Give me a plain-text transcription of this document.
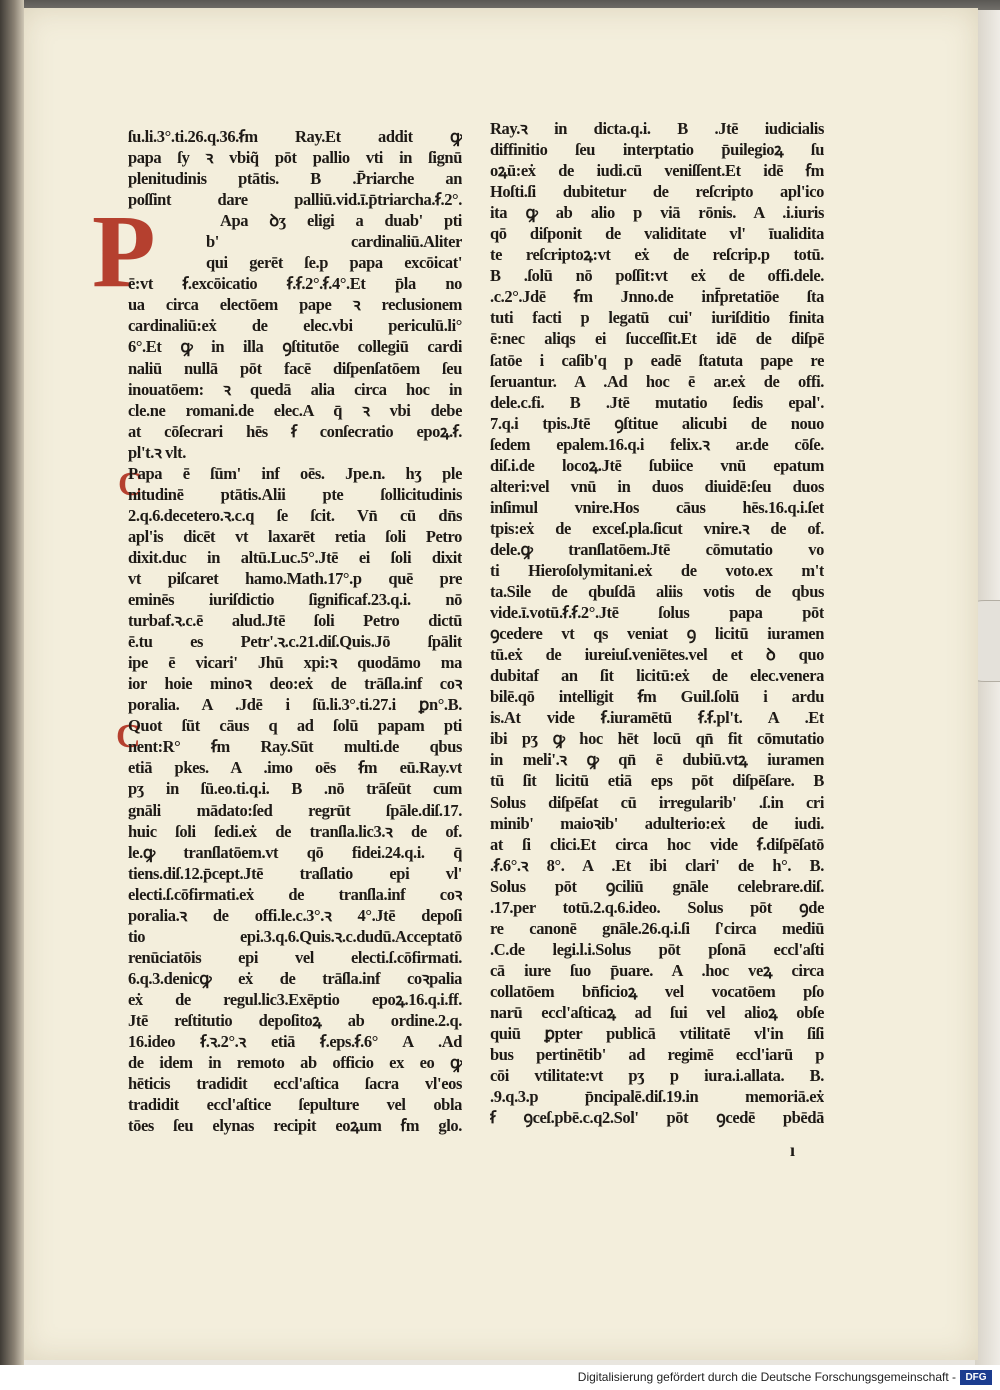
P
C
C
ſu.li.3°.ti.26.q.36.ẜm Ray.Et addit ꝙ
papa ſy ꝛ vbiq̃ pōt pallio vti in ſignū
plenitudinis ptātis. B .P̄riarche an
poſſint dare palliū.vid.ī.p̄triarcha.ẜ.2°.
Apa ꝺʒ eligi a duab' pti
b' cardinaliū.Aliter
qui gerēt ſe.p papa excōicat'
ē:vt ẜ.excōicatio ẜ.ẜ.2°.ẜ.4°.Et p̄la no
ua circa electōem pape ꝛ reclusionem
cardinaliū:eẋ de elec.vbi periculū.li°
6°.Et ꝙ in illa ꝯſtitutōe collegiū cardi
naliū nullā pōt facē diſpenſatōem ſeu
inouatōem: ꝛ quedā alia circa hoc in
cle.ne romani.de elec.A q̄ ꝛ vbi debe
at cōſecrari hēs ẜ conſecratio epoꝝ.ẜ.
pl't.ꝛ vlt.
Papa ē ſūm' inf oēs. Jpe.n. hʒ ple
nitudinē ptātis.Alii pte ſollicitudinis
2.q.6.decetero.ꝛ.c.q ſe ſcit. Vn̄ cū dn̄s
apl'is dicēt vt laxarēt retia ſoli Petro
dixit.duc in altū.Luc.5°.Jtē ei ſoli dixit
vt piſcaret hamo.Math.17°.p quē pre
eminēs iuriſdictio ſignificaf.23.q.i. nō
turbaf.ꝛ.c.ē alud.Jtē ſoli Petro dictū
ē.tu es Petr'.ꝛ.c.21.diſ.Quis.Jō ſpālit
ipe ē vicari' Jhū xpi:ꝛ quodāmo ma
ior hoie minoꝛ deo:eẋ de trāſla.inf coꝛ
poralia. A .Jdē i ſū.li.3°.ti.27.i ꝑn°.B.
Quot ſūt cāus q ad ſolū papam pti
nent:R° ẜm Ray.Sūt multi.de qbus
etiā pkes. A .imo oēs ẜm eū.Ray.vt
pʒ in ſū.eo.ti.q.i. B .nō trāſeūt cum
gnāli mādato:ſed regrūt ſpāle.diſ.17.
huic ſoli ſedi.eẋ de tranſla.lic3.ꝛ de of.
le.ꝙ tranſlatōem.vt qō fidei.24.q.i. q̄
tiens.diſ.12.p̄cept.Jtē traſlatio epi vl'
electi.ſ.cōfirmati.eẋ de tranſla.inf coꝛ
poralia.ꝛ de offi.le.c.3°.ꝛ 4°.Jtē depoſi
tio epi.3.q.6.Quis.ꝛ.c.dudū.Acceptatō
renūciatōis epi vel electi.ſ.cōfirmati.
6.q.3.denicꝙ eẋ de trāſla.inf coꝛpalia
eẋ de regul.lic3.Exēptio epoꝝ.16.q.i.ff.
Jtē reſtitutio depoſitoꝝ ab ordine.2.q.
16.ideo ẜ.ꝛ.2°.ꝛ etiā ẜ.eps.ẜ.6° A .Ad
de idem in remoto ab officio ex eo ꝙ
hēticis tradidit eccl'aſtica ſacra vl'eos
tradidit eccl'aſtice ſepulture vel obla
tōes ſeu elynas recipit eoꝝum ẜm glo.
Ray.ꝛ in dicta.q.i. B .Jtē iudicialis
diffinitio ſeu interptatio p̄uilegioꝝ ſu
oꝝū:eẋ de iudi.cū veniſſent.Et idē ẜm
Hoſti.ſi dubitetur de reſcripto apl'ico
ita ꝙ ab alio p viā rōnis. A .i.iuris
qō diſponit de validitate vl' īualidita
te reſcriptoꝝ:vt eẋ de reſcrip.p totū.
B .ſolū nō poſſit:vt eẋ de offi.dele.
.c.2°.Jdē ẜm Jnno.de inf̄pretatiōe ſta
tuti facti p legatū cui' iuriſditio finita
ē:nec aliqs ei ſucceſſit.Et idē de diſpē
ſatōe i caſib'q p eadē ſtatuta pape re
ſeruantur. A .Ad hoc ē ar.eẋ de offi.
dele.c.fi. B .Jtē mutatio ſedis epal'.
7.q.i tpis.Jtē ꝯſtitue alicubi de nouo
ſedem epalem.16.q.i felix.ꝛ ar.de cōſe.
diſ.i.de locoꝝ.Jtē ſubiice vnū epatum
alteri:vel vnū in duos diuidē:ſeu duos
inſimul vnire.Hos cāus hēs.16.q.i.ſet
tpis:eẋ de exceſ.pla.ſicut vnire.ꝛ de of.
dele.ꝙ tranſlatōem.Jtē cōmutatio vo
ti Hieroſolymitani.eẋ de voto.ex m't
ta.Sile de qbuſdā aliis votis de qbus
vide.ī.votū.ẜ.ẜ.2°.Jtē ſolus papa pōt
ꝯcedere vt qs veniat ꝯ licitū iuramen
tū.eẋ de iureiuſ.veniētes.vel et ꝺ quo
dubitaf an ſit licitū:eẋ de elec.venera
bilē.qō intelligit ẜm Guil.ſolū i ardu
is.At vide ẜ.iuramētū ẜ.ẜ.pl't. A .Et
ibi pʒ ꝙ hoc hēt locū qn̄ fit cōmutatio
in meli'.ꝛ ꝙ qn̄ ē dubiū.vtꝝ iuramen
tū ſit licitū etiā eps pōt diſpēſare. B
Solus diſpēſat cū irregularib' .ſ.in cri
minib' maioꝛib' adulterio:eẋ de iudi.
at ſi clici.Et circa hoc vide ẜ.diſpēſatō
.ẜ.6°.ꝛ 8°. A .Et ibi clari' de h°. B.
Solus pōt ꝯciliū gnāle celebrare.diſ.
.17.per totū.2.q.6.ideo. Solus pōt ꝯde
re canonē gnāle.26.q.i.ſi ſ'circa mediū
.C.de legi.l.i.Solus pōt pſonā eccl'aſti
cā iure ſuo p̄uare. A .hoc veꝝ circa
collatōem bn̄ficioꝝ vel vocatōem pſo
narū eccl'aſticaꝝ ad ſui vel alioꝝ obſe
quiū ꝑpter publicā vtilitatē vl'in ſiſi
bus pertinētib' ad regimē eccl'iarū p
cōi vtilitate:vt pʒ p iura.i.allata. B.
.9.q.3.p p̄ncipalē.diſ.19.in memoriā.eẋ
ẜ ꝯceſ.pbē.c.q2.Sol' pōt ꝯcedē pbēdā
ı
Digitalisierung gefördert durch die Deutsche Forschungsgemeinschaft - DFG
